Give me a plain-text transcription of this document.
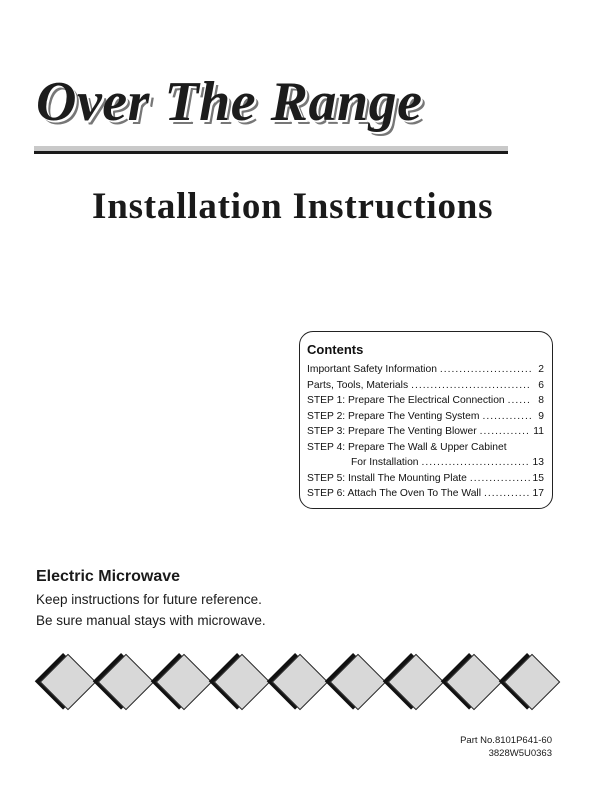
Over The Range
Installation Instructions
Contents
Important Safety Information .....	2
Parts, Tools, Materials .....	6
STEP 1: Prepare The Electrical Connection .....	8
STEP 2: Prepare The Venting System .....	9
STEP 3: Prepare The Venting Blower .....	11
STEP 4: Prepare The Wall & Upper Cabinet
For Installation .....	13
STEP 5: Install The Mounting Plate .....	15
STEP 6: Attach The Oven To The Wall .....	17
Electric Microwave
Keep instructions for future reference.
Be sure manual stays with microwave.
Part No.8101P641-60
3828W5U0363
